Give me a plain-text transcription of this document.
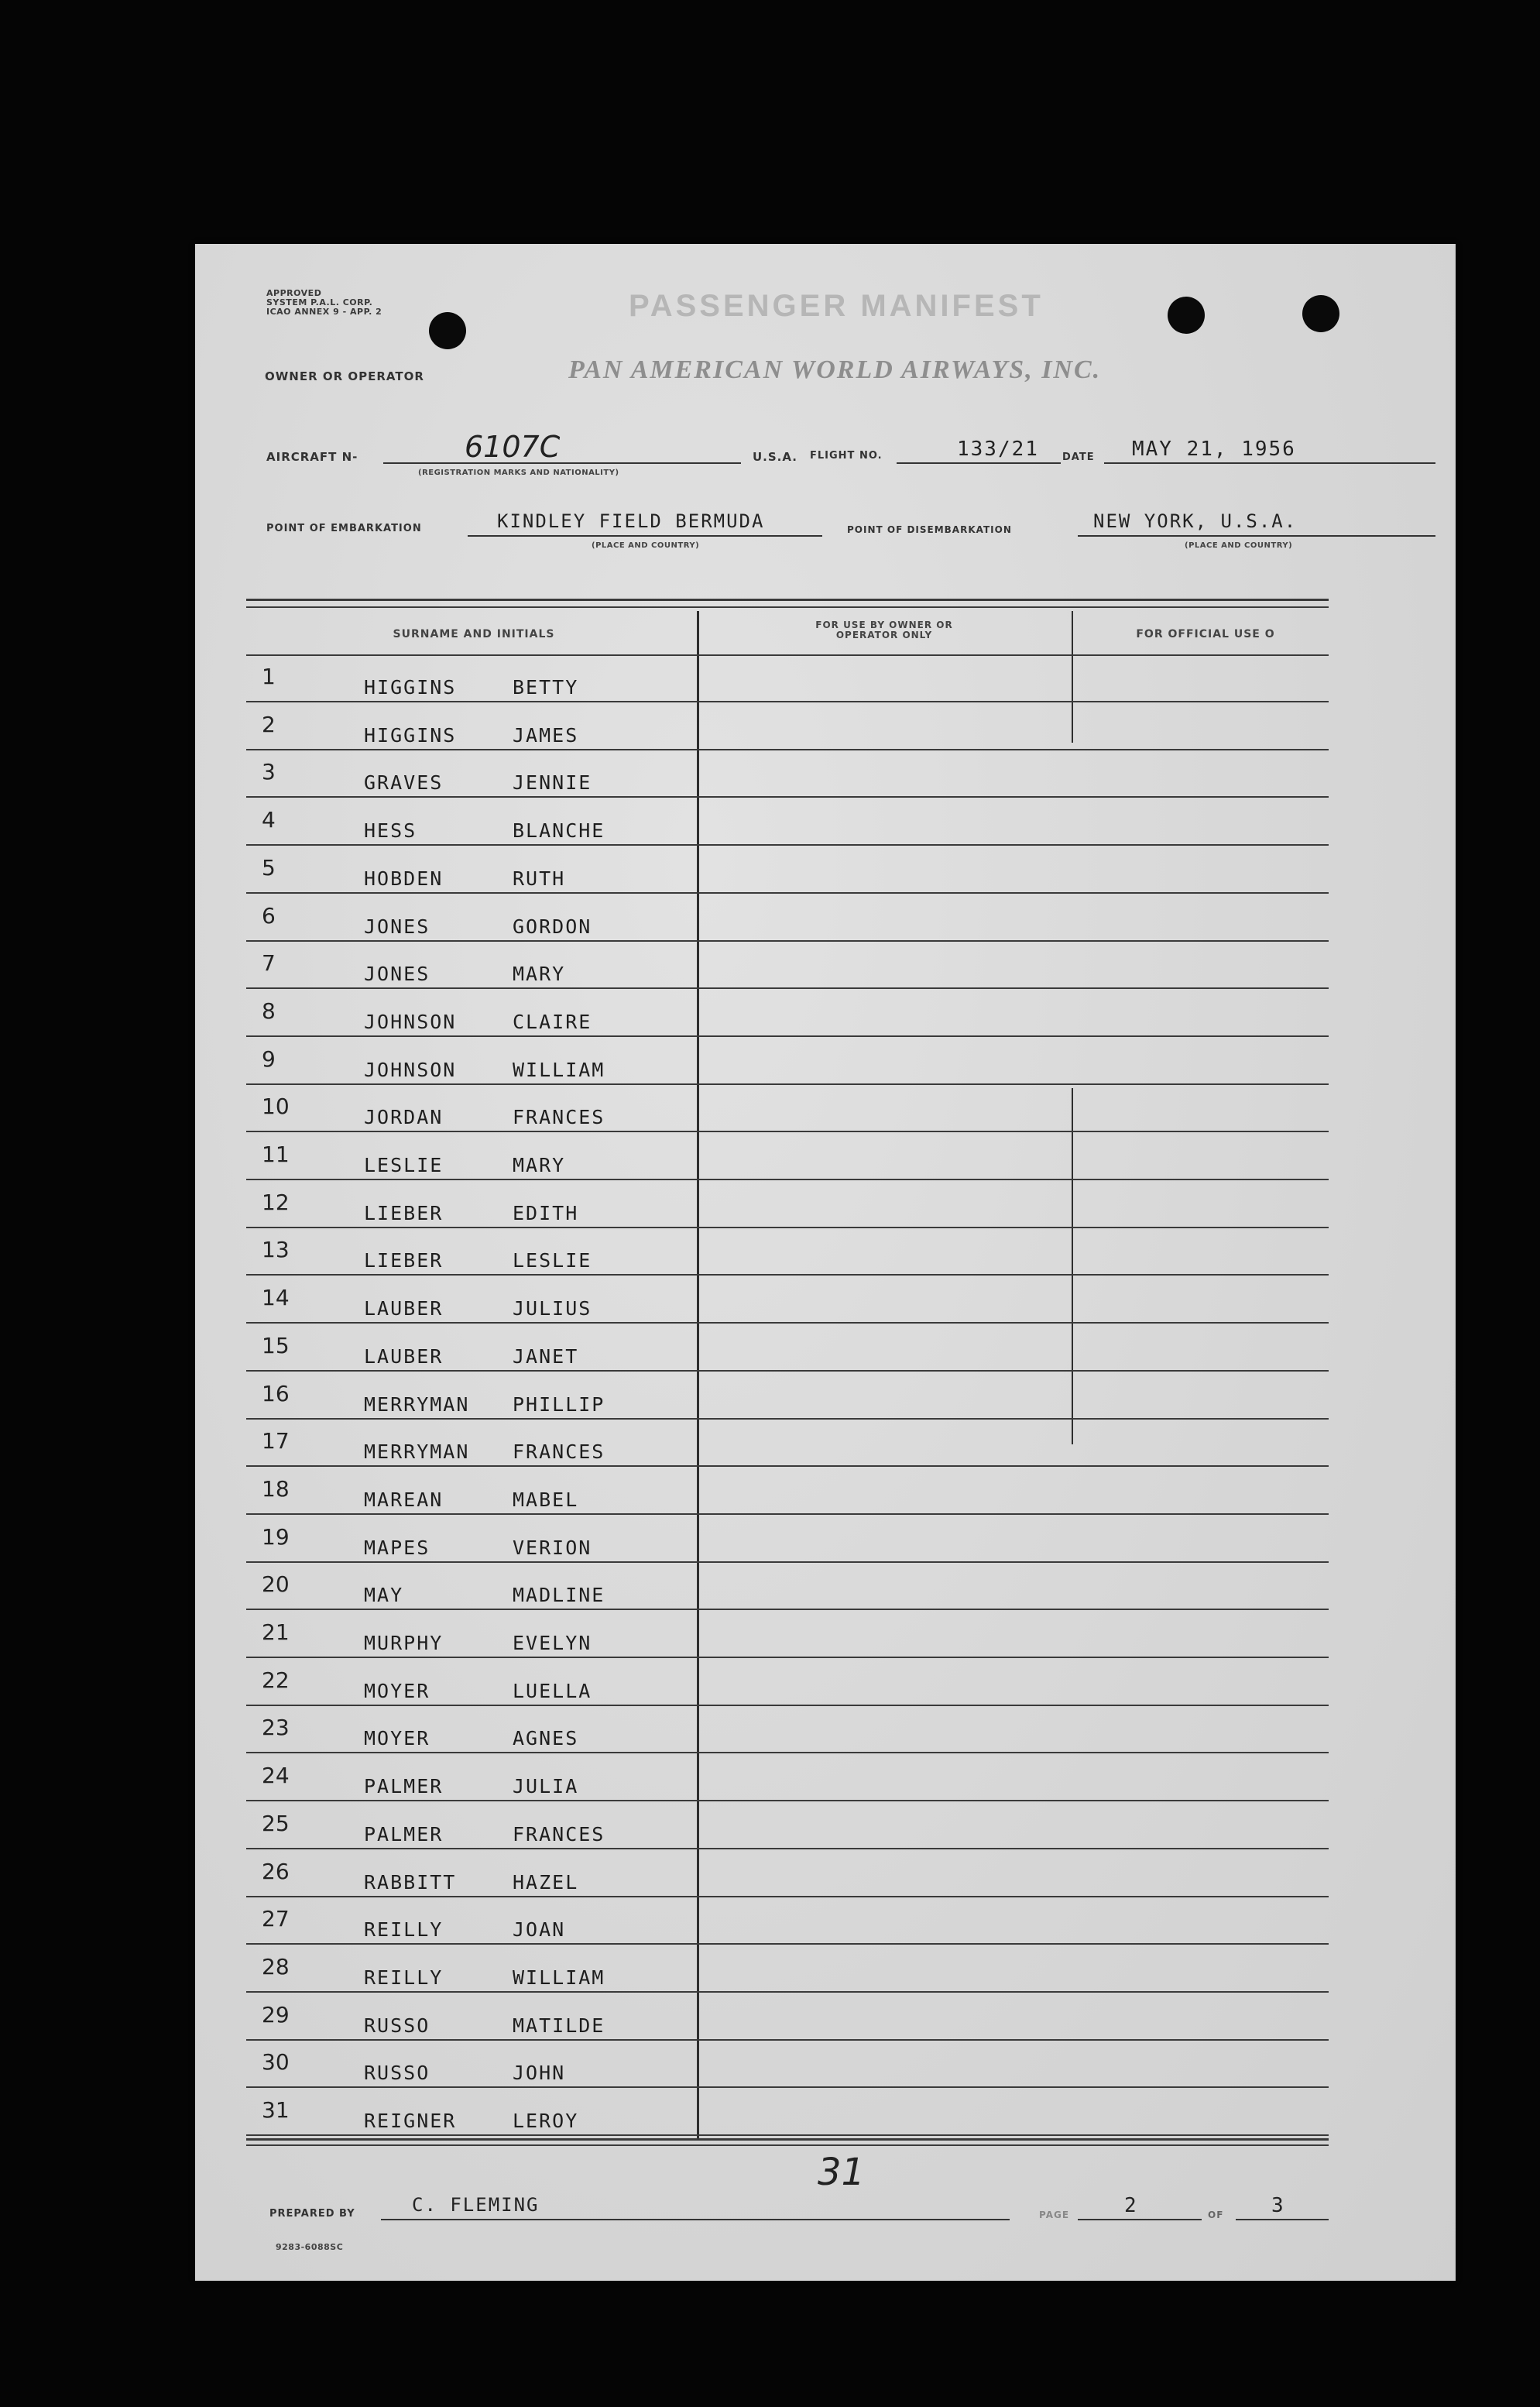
APPROVED
SYSTEM P.A.L. CORP.
ICAO ANNEX 9 - APP. 2	PASSENGER MANIFEST
OWNER OR OPERATOR	PAN AMERICAN WORLD AIRWAYS, INC.
AIRCRAFT N-	6107C
(REGISTRATION MARKS AND NATIONALITY)
U.S.A. FLIGHT NO.	133/21 DATE MAY 21, 1956
POINT OF EMBARKATION	KINDLEY FIELD BERMUDA
(PLACE AND COUNTRY)
POINT OF DISEMBARKATION	NEW YORK, U.S.A.
(PLACE AND COUNTRY)
SURNAME AND INITIALS
FOR USE BY OWNER OR OPERATOR ONLY	FOR OFFICIAL USE O
1	HIGGINS	BETTY
2	HIGGINS	JAMES
3	GRAVES	JENNIE
4	HESS	BLANCHE
5	HOBDEN	RUTH
6	JONES	GORDON
7	JONES	MARY
8	JOHNSON	CLAIRE
9	JOHNSON	WILLIAM
10	JORDAN	FRANCES
11	LESLIE	MARY
12	LIEBER	EDITH
13	LIEBER	LESLIE
14	LAUBER	JULIUS
15	LAUBER	JANET
16	MERRYMAN PHILLIP
17	MERRYMAN FRANCES
18	MAREAN	MABEL
19	MAPES	VERION
20	MAY	MADLINE
21	MURPHY	EVELYN
22	MOYER	LUELLA
23	MOYER	AGNES
24	PALMER	JULIA
25	PALMER	FRANCES
26	RABBITT	HAZEL
27	REILLY	JOAN
28	REILLY	WILLIAM
29	RUSSO	MATILDE
30	RUSSO	JOHN
31	REIGNER	LEROY
31
PREPARED BY	C. FLEMING	PAGE	2	OF 3
9283-6088SC
